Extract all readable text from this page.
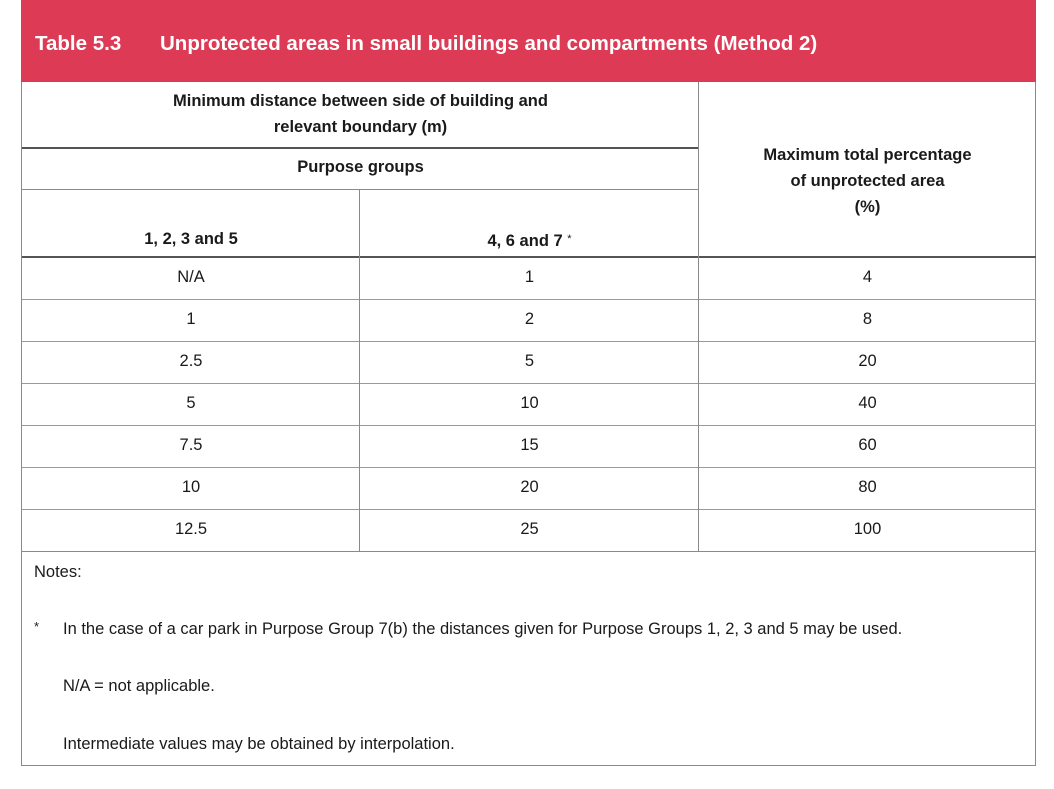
Table 5.3 Unprotected areas in small buildings and compartments (Method 2)
Minimum distance between side of building and
relevant boundary (m)
Purpose groups
1, 2, 3 and 5	4, 6 and 7 *
Maximum total percentage
of unprotected area
(%)
N/A	1	4
1	2	8
2.5	5	20
5	10	40
7.5	15	60
10	20	80
12.5	25	100
Notes:
* In the case of a car park in Purpose Group 7(b) the distances given for Purpose Groups 1, 2, 3 and 5 may be used.
N/A = not applicable.
Intermediate values may be obtained by interpolation.
